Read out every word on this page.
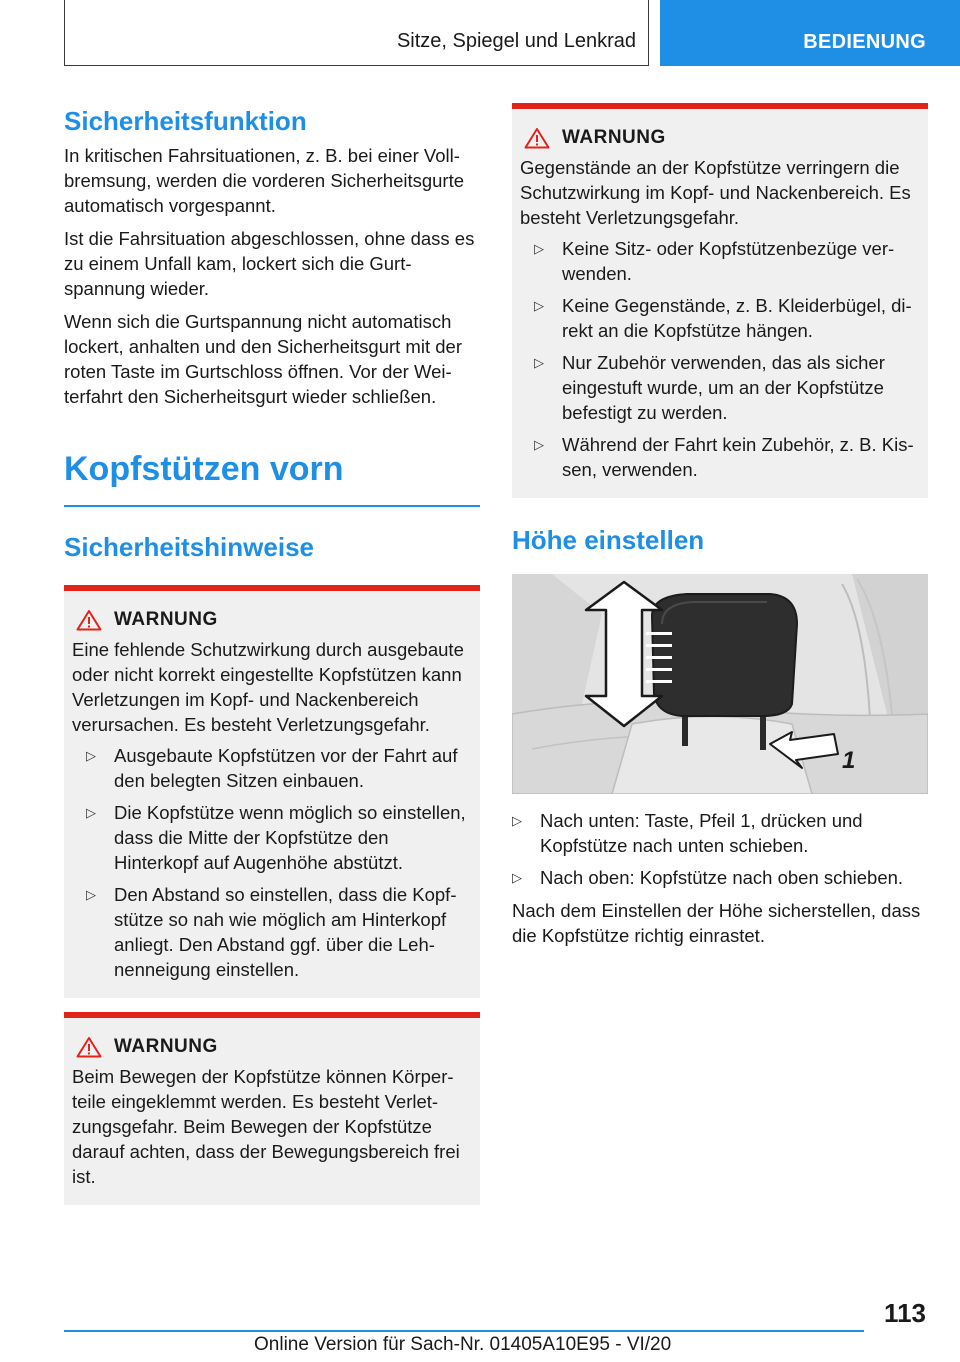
Sitze, Spiegel und Lenkrad	BEDIENUNG
Sicherheitsfunktion

In kritischen Fahrsituationen, z. B. bei einer Vollbremsung, werden die vorderen Sicherheitsgurte automatisch vorgespannt.

Ist die Fahrsituation abgeschlossen, ohne dass es zu einem Unfall kam, lockert sich die Gurtspannung wieder.

Wenn sich die Gurtspannung nicht automatisch lockert, anhalten und den Sicherheitsgurt mit der roten Taste im Gurtschloss öffnen. Vor der Weiterfahrt den Sicherheitsgurt wieder schließen.

Kopfstützen vorn
Sicherheitshinweise
WARNUNG

Eine fehlende Schutzwirkung durch ausgebaute oder nicht korrekt eingestellte Kopfstützen kann Verletzungen im Kopf- und Nackenbereich verursachen. Es besteht Verletzungsgefahr.

▷ Ausgebaute Kopfstützen vor der Fahrt auf den belegten Sitzen einbauen.
▷ Die Kopfstütze wenn möglich so einstellen, dass die Mitte der Kopfstütze den Hinterkopf auf Augenhöhe abstützt.
▷ Den Abstand so einstellen, dass die Kopfstütze so nah wie möglich am Hinterkopf anliegt. Den Abstand ggf. über die Lehnenneigung einstellen.
WARNUNG

Beim Bewegen der Kopfstütze können Körperteile eingeklemmt werden. Es besteht Verletzungsgefahr. Beim Bewegen der Kopfstütze darauf achten, dass der Bewegungsbereich frei ist.

WARNUNG

Gegenstände an der Kopfstütze verringern die Schutzwirkung im Kopf- und Nackenbereich. Es besteht Verletzungsgefahr.

▷ Keine Sitz- oder Kopfstützenbezüge verwenden.
▷ Keine Gegenstände, z. B. Kleiderbügel, direkt an die Kopfstütze hängen.
▷ Nur Zubehör verwenden, das als sicher eingestuft wurde, um an der Kopfstütze befestigt zu werden.
▷ Während der Fahrt kein Zubehör, z. B. Kissen, verwenden.
Höhe einstellen
1
▷ Nach unten: Taste, Pfeil 1, drücken und Kopfstütze nach unten schieben.
▷ Nach oben: Kopfstütze nach oben schieben.

Nach dem Einstellen der Höhe sicherstellen, dass die Kopfstütze richtig einrastet.

113
Online Version für Sach-Nr. 01405A10E95 - VI/20
